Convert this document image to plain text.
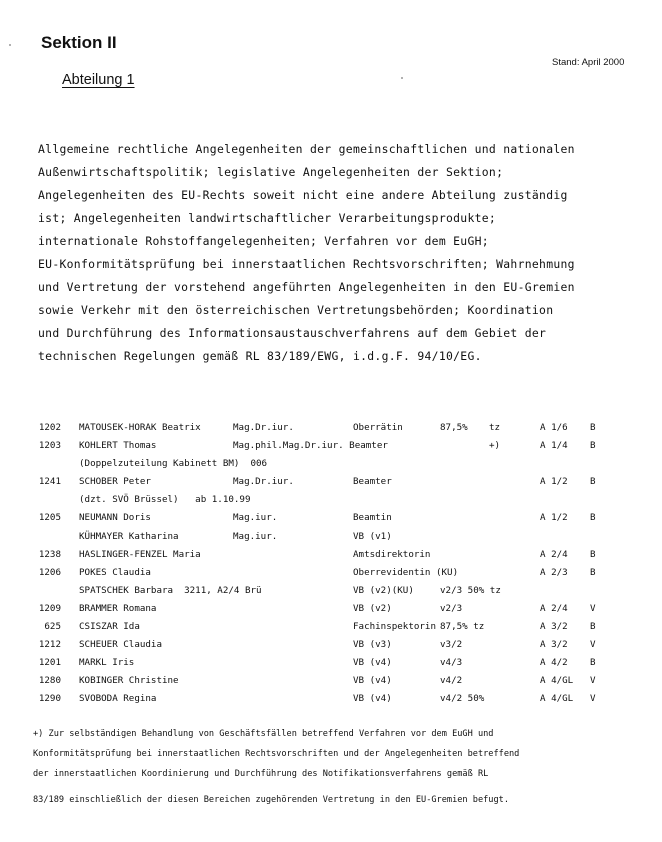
Sektion II
Stand: April 2000
Abteilung 1
Allgemeine rechtliche Angelegenheiten der gemeinschaftlichen und nationalen
Außenwirtschaftspolitik; legislative Angelegenheiten der Sektion;
Angelegenheiten des EU-Rechts soweit nicht eine andere Abteilung zuständig
ist; Angelegenheiten landwirtschaftlicher Verarbeitungsprodukte;
internationale Rohstoffangelegenheiten; Verfahren vor dem EuGH;
EU-Konformitätsprüfung bei innerstaatlichen Rechtsvorschriften; Wahrnehmung
und Vertretung der vorstehend angeführten Angelegenheiten in den EU-Gremien
sowie Verkehr mit den österreichischen Vertretungsbehörden; Koordination
und Durchführung des Informationsaustauschverfahrens auf dem Gebiet der
technischen Regelungen gemäß RL 83/189/EWG, i.d.g.F. 94/10/EG.
1202 MATOUSEK-HORAK Beatrix	Mag.Dr.iur.	Oberrätin	87,5% tz	A 1/6 B
1203 KOHLERT Thomas	Mag.phil.Mag.Dr.iur. Beamter	+)	A 1/4 B
(Doppelzuteilung Kabinett BM)  006
1241 SCHOBER Peter	Mag.Dr.iur.	Beamter	A 1/2 B
(dzt. SVÖ Brüssel)   ab 1.10.99
1205 NEUMANN Doris	Mag.iur.	Beamtin	A 1/2 B
KÜHMAYER Katharina	Mag.iur.	VB (v1)
1238 HASLINGER-FENZEL Maria	Amtsdirektorin	A 2/4 B
1206 POKES Claudia	Oberrevidentin (KU)	A 2/3 B
SPATSCHEK Barbara  3211, A2/4 Brü	VB (v2)(KU)	v2/3 50% tz
1209 BRAMMER Romana	VB (v2)	v2/3	A 2/4 V
625 CSISZAR Ida	Fachinspektorin 87,5% tz	A 3/2 B
1212 SCHEUER Claudia	VB (v3)	v3/2	A 3/2 V
1201 MARKL Iris	VB (v4)	v4/3	A 4/2 B
1280 KOBINGER Christine	VB (v4)	v4/2	A 4/GL V
1290 SVOBODA Regina	VB (v4)	v4/2 50%	A 4/GL V
+) Zur selbständigen Behandlung von Geschäftsfällen betreffend Verfahren vor dem EuGH und
Konformitätsprüfung bei innerstaatlichen Rechtsvorschriften und der Angelegenheiten betreffend
der innerstaatlichen Koordinierung und Durchführung des Notifikationsverfahrens gemäß RL
83/189 einschließlich der diesen Bereichen zugehörenden Vertretung in den EU-Gremien befugt.
